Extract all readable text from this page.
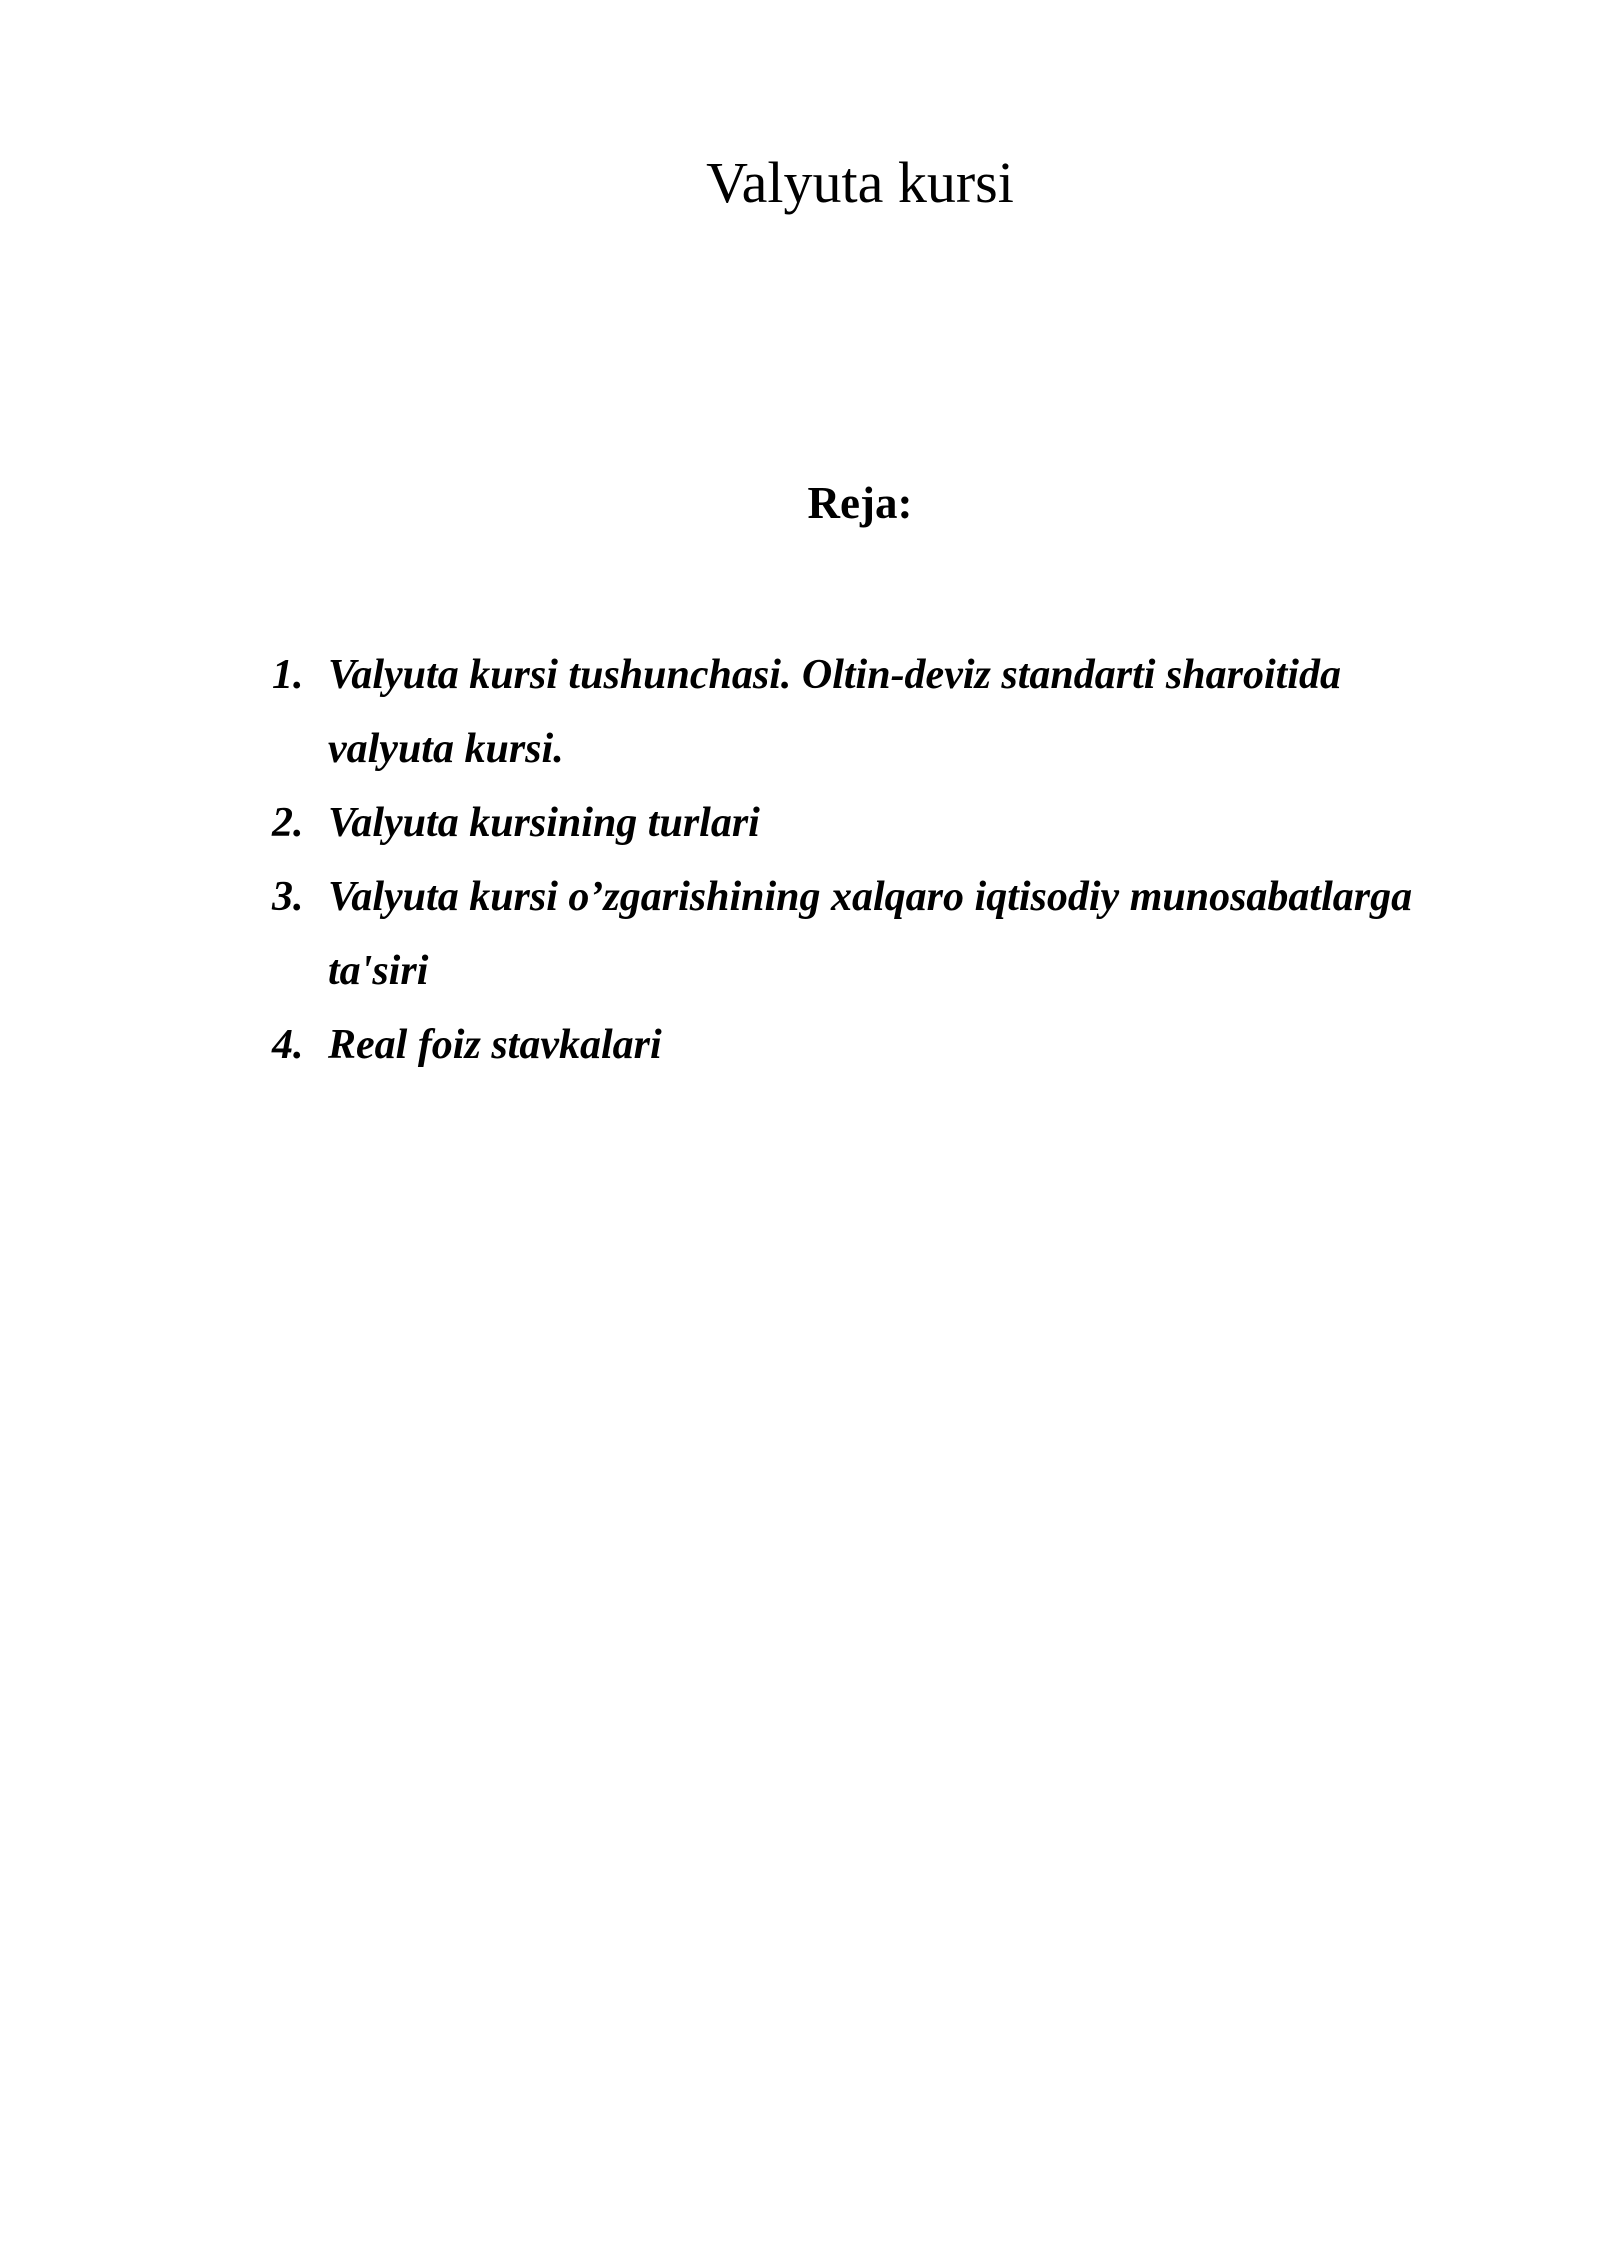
Valyuta kursi
Reja:
1. Valyuta kursi tushunchasi. Oltin-deviz standarti sharoitida
valyuta kursi.
2. Valyuta kursining turlari
3. Valyuta kursi o’zgarishining xalqaro iqtisodiy munosabatlarga
ta'siri
4. Real foiz stavkalari
